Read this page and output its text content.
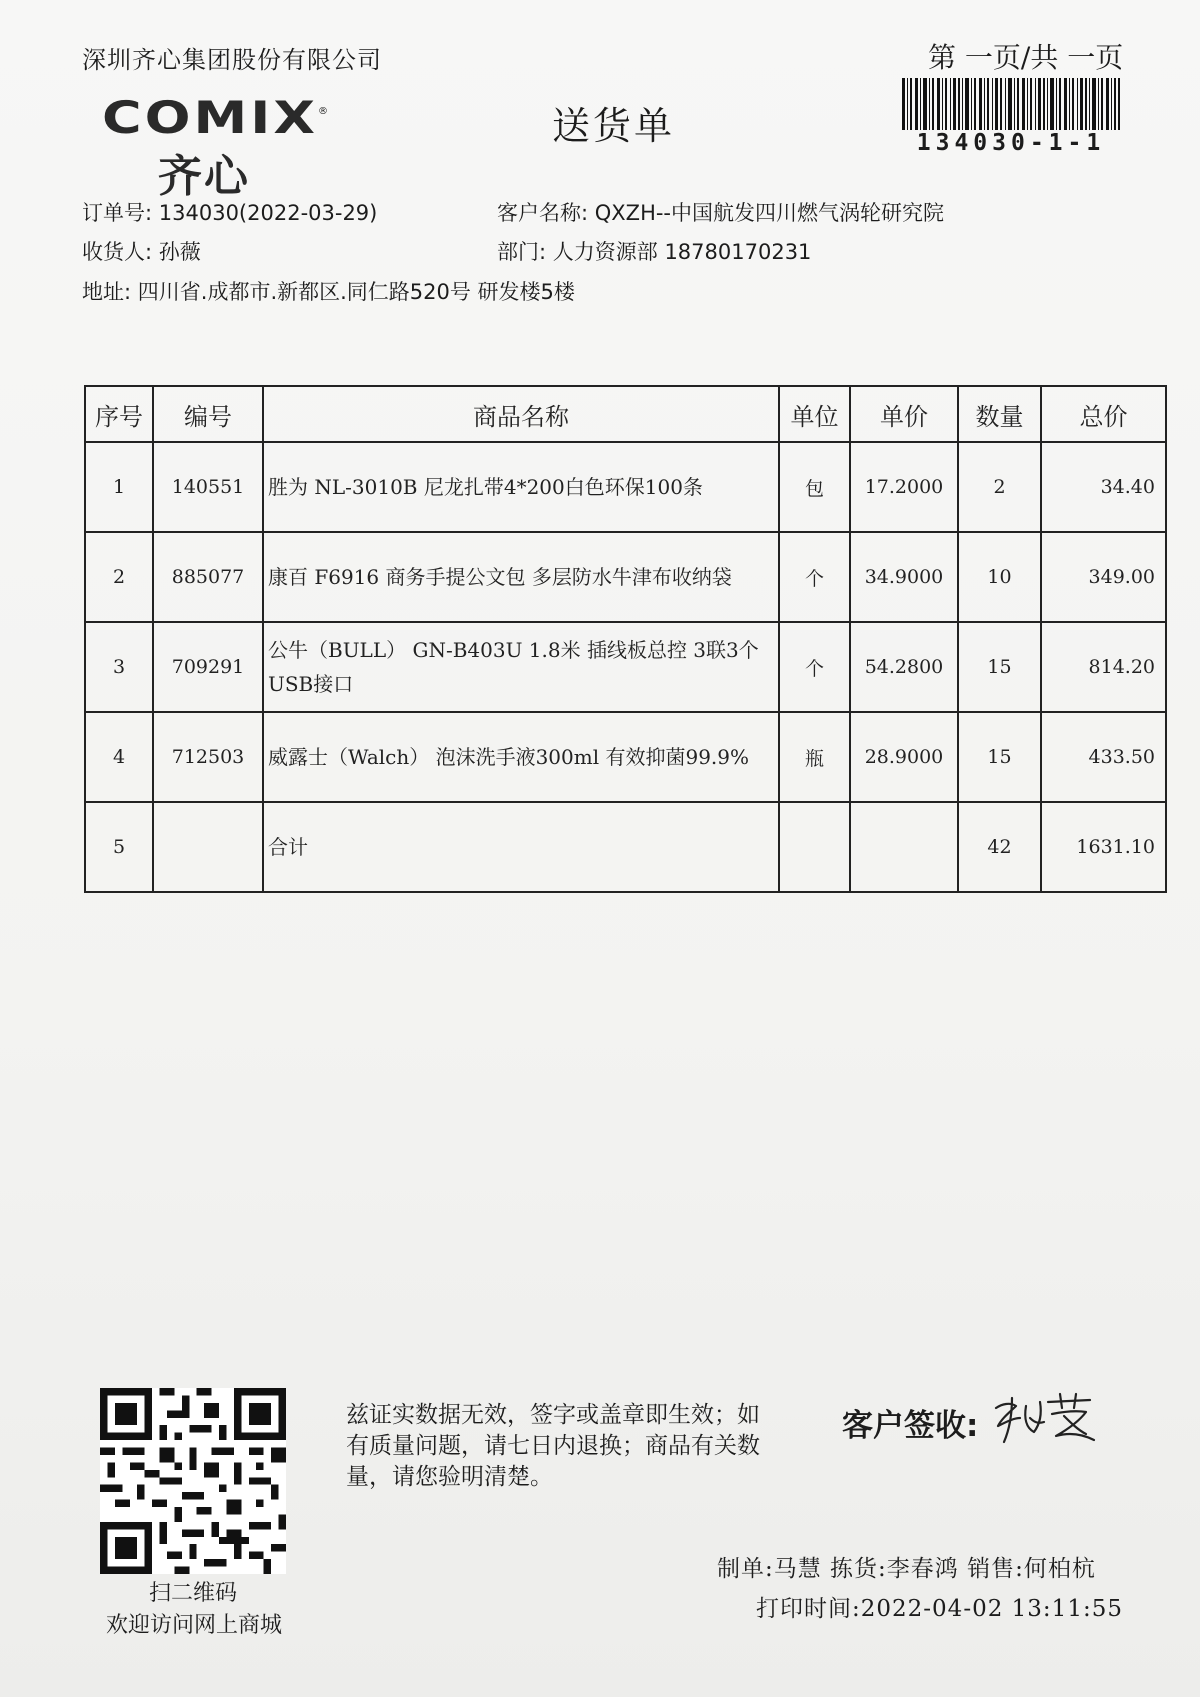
深圳齐心集团股份有限公司
COMIX ®
齐心
送货单
第 一页/共 一页
134030-1-1
订单号: 134030(2022-03-29)	客户名称: QXZH--中国航发四川燃气涡轮研究院
收货人: 孙薇	部门: 人力资源部 18780170231
地址: 四川省.成都市.新都区.同仁路520号 研发楼5楼
序号	编号	商品名称	单位	单价	数量	总价
1	140551	胜为 NL-3010B 尼龙扎带4*200白色环保100条	包	17.2000	2	34.40
2	885077	康百 F6916 商务手提公文包 多层防水牛津布收纳袋	个	34.9000	10	349.00
3	709291	公牛（BULL） GN-B403U 1.8米 插线板总控 3联3个USB接口	个	54.2800	15	814.20
4	712503	威露士（Walch） 泡沫洗手液300ml 有效抑菌99.9%	瓶	28.9000	15	433.50
5		合计			42	1631.10
扫二维码
欢迎访问网上商城
兹证实数据无效，签字或盖章即生效；如有质量问题，请七日内退换；商品有关数量，请您验明清楚。
客户签收:
制单:马慧 拣货:李春鸿 销售:何柏杭
打印时间:2022-04-02 13:11:55
